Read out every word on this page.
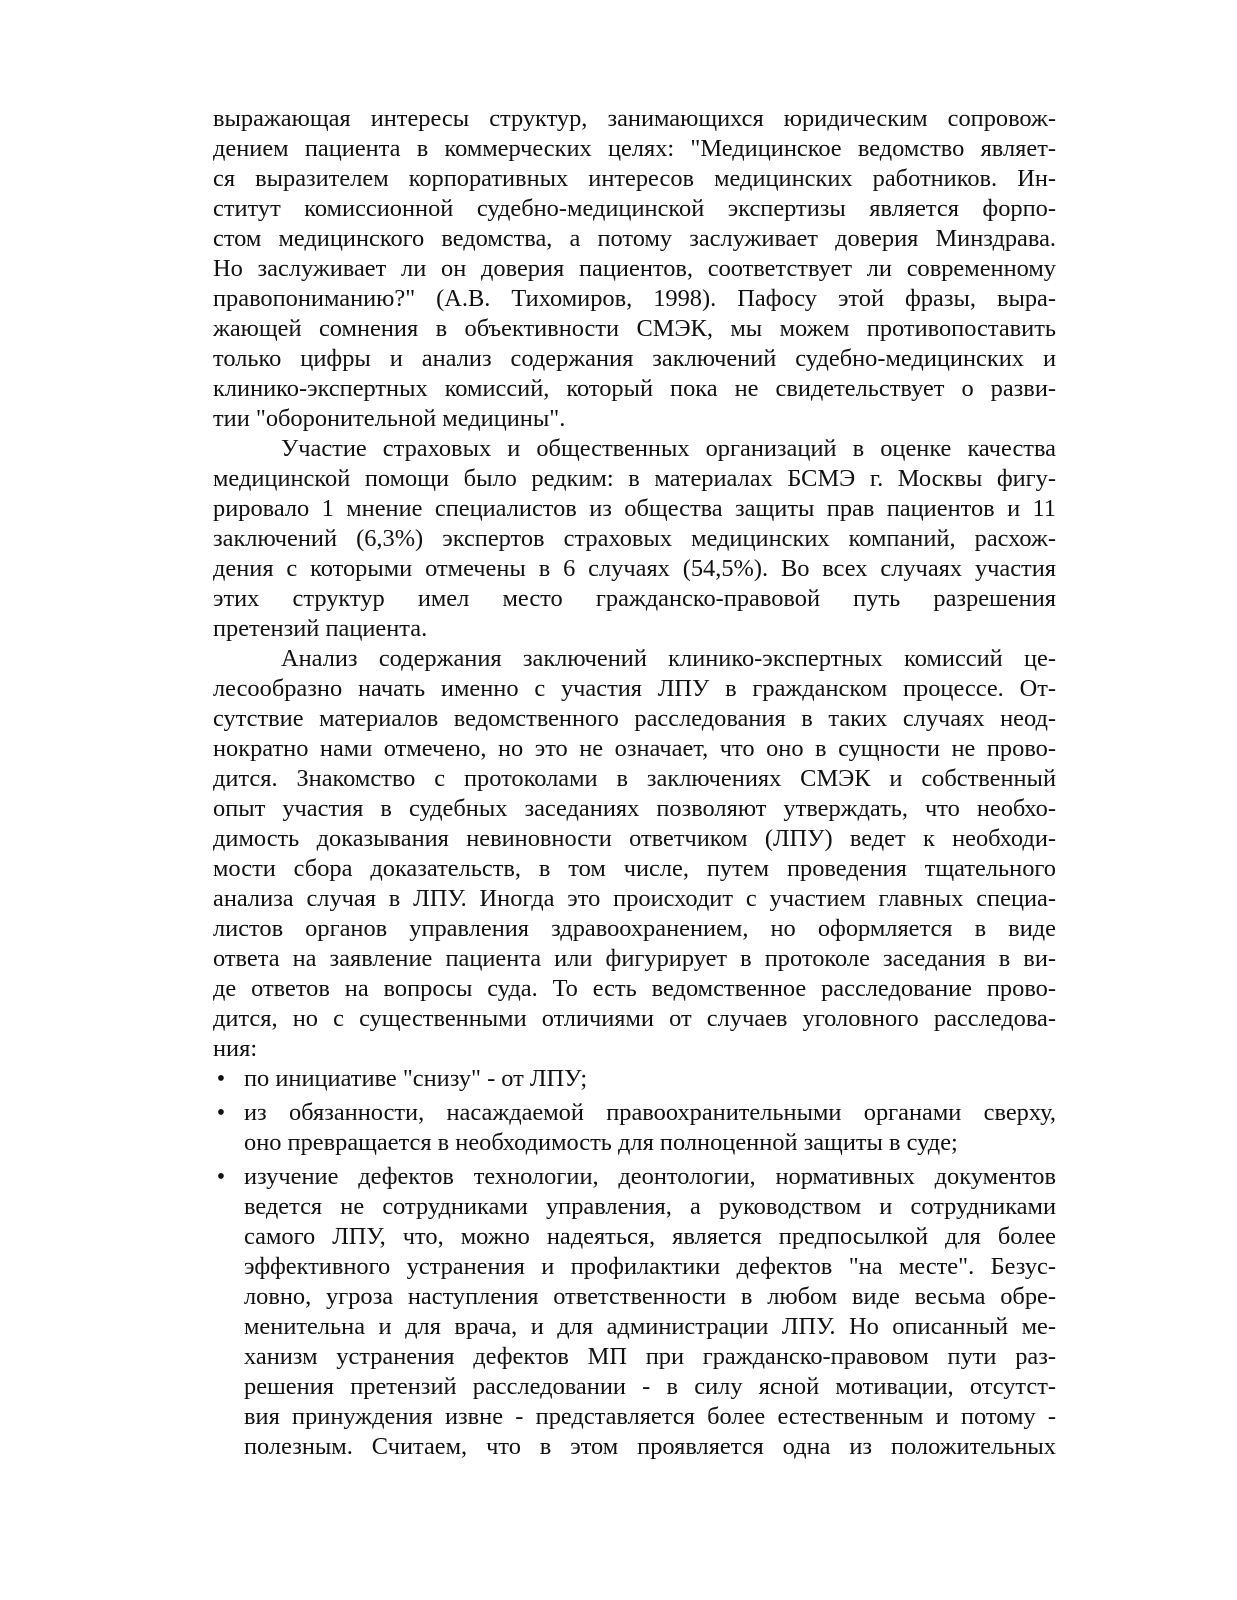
выражающая интересы структур, занимающихся юридическим сопровож-
дением пациента в коммерческих целях: "Медицинское ведомство являет-
ся выразителем корпоративных интересов медицинских работников. Ин-
ститут комиссионной судебно-медицинской экспертизы является форпо-
стом медицинского ведомства, а потому заслуживает доверия Минздрава.
Но заслуживает ли он доверия пациентов, соответствует ли современному
правопониманию?" (А.В. Тихомиров, 1998). Пафосу этой фразы, выра-
жающей сомнения в объективности СМЭК, мы можем противопоставить
только цифры и анализ содержания заключений судебно-медицинских и
клинико-экспертных комиссий, который пока не свидетельствует о разви-
тии "оборонительной медицины".
Участие страховых и общественных организаций в оценке качества
медицинской помощи было редким: в материалах БСМЭ г. Москвы фигу-
рировало 1 мнение специалистов из общества защиты прав пациентов и 11
заключений (6,3%) экспертов страховых медицинских компаний, расхож-
дения с которыми отмечены в 6 случаях (54,5%). Во всех случаях участия
этих структур имел место гражданско-правовой путь разрешения
претензий пациента.
Анализ содержания заключений клинико-экспертных комиссий це-
лесообразно начать именно с участия ЛПУ в гражданском процессе. От-
сутствие материалов ведомственного расследования в таких случаях неод-
нократно нами отмечено, но это не означает, что оно в сущности не прово-
дится. Знакомство с протоколами в заключениях СМЭК и собственный
опыт участия в судебных заседаниях позволяют утверждать, что необхо-
димость доказывания невиновности ответчиком (ЛПУ) ведет к необходи-
мости сбора доказательств, в том числе, путем проведения тщательного
анализа случая в ЛПУ. Иногда это происходит с участием главных специа-
листов органов управления здравоохранением, но оформляется в виде
ответа на заявление пациента или фигурирует в протоколе заседания в ви-
де ответов на вопросы суда. То есть ведомственное расследование прово-
дится, но с существенными отличиями от случаев уголовного расследова-
ния:
• по инициативе "снизу" - от ЛПУ;
• из обязанности, насаждаемой правоохранительными органами сверху,
оно превращается в необходимость для полноценной защиты в суде;
• изучение дефектов технологии, деонтологии, нормативных документов
ведется не сотрудниками управления, а руководством и сотрудниками
самого ЛПУ, что, можно надеяться, является предпосылкой для более
эффективного устранения и профилактики дефектов "на месте". Безус-
ловно, угроза наступления ответственности в любом виде весьма обре-
менительна и для врача, и для администрации ЛПУ. Но описанный ме-
ханизм устранения дефектов МП при гражданско-правовом пути раз-
решения претензий расследовании - в силу ясной мотивации, отсутст-
вия принуждения извне - представляется более естественным и потому -
полезным. Считаем, что в этом проявляется одна из положительных
